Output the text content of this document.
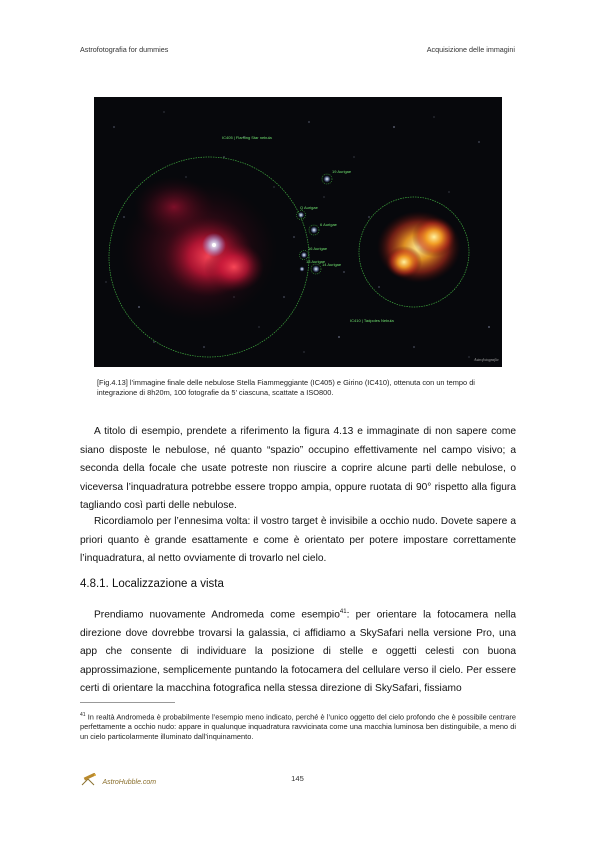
Astrofotografia for dummies	Acquisizione delle immagini
IC405 | Flaming Star nebula
19 Aurigae
Q Aurigae
6 Aurigae
16 Aurigae
18 Aurigae
14 Aurigae
IC410 | Tadpoles Nebula
Astrofotografia
[Fig.4.13] l’immagine finale delle nebulose Stella Fiammeggiante (IC405) e Girino (IC410), ottenuta con un tempo di integrazione di 8h20m, 100 fotografie da 5’ ciascuna, scattate a ISO800.
A titolo di esempio, prendete a riferimento la figura 4.13 e immaginate di non sapere come siano disposte le nebulose, né quanto “spazio” occupino effettivamente nel campo visivo; a seconda della focale che usate potreste non riuscire a coprire alcune parti delle nebulose, o viceversa l’inquadratura potrebbe essere troppo ampia, oppure ruotata di 90° rispetto alla figura tagliando così parti delle nebulose.
Ricordiamolo per l’ennesima volta: il vostro target è invisibile a occhio nudo. Dovete sapere a priori quanto è grande esattamente e come è orientato per potere impostare correttamente l’inquadratura, al netto ovviamente di trovarlo nel cielo.
4.8.1. Localizzazione a vista
Prendiamo nuovamente Andromeda come esempio$^{41}$: per orientare la fotocamera nella direzione dove dovrebbe trovarsi la galassia, ci affidiamo a SkySafari nella versione Pro, una app che consente di individuare la posizione di stelle e oggetti celesti con buona approssimazione, semplicemente puntando la fotocamera del cellulare verso il cielo. Per essere certi di orientare la macchina fotografica nella stessa direzione di SkySafari, fissiamo
$^{41}$ In realtà Andromeda è probabilmente l’esempio meno indicato, perché è l’unico oggetto del cielo profondo che è possibile centrare perfettamente a occhio nudo: appare in qualunque inquadratura ravvicinata come una macchia luminosa ben distinguibile, a meno di un cielo particolarmente illuminato dall’inquinamento.
AstroHubble.com	145
